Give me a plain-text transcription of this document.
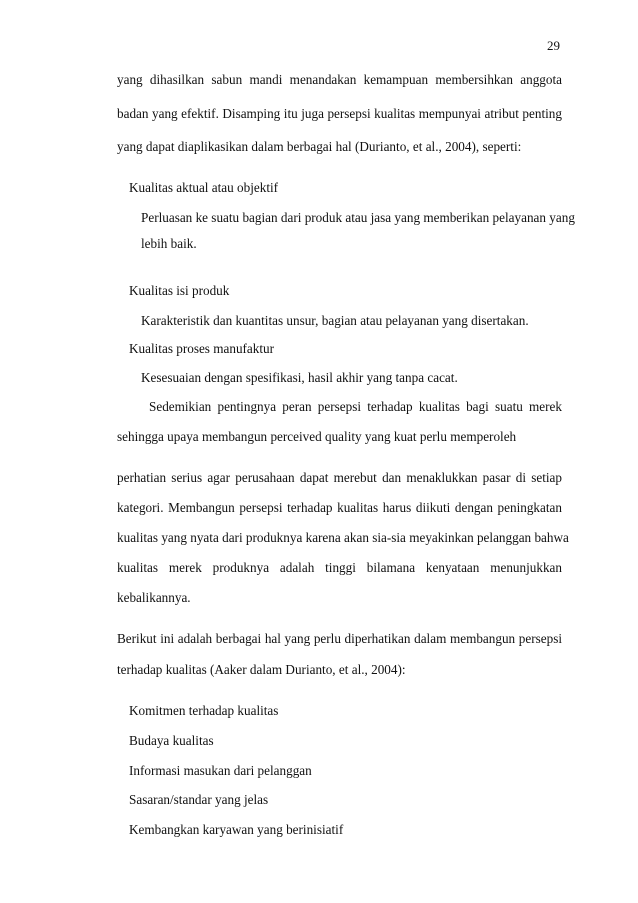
29
yang dihasilkan sabun mandi menandakan kemampuan membersihkan anggota
badan yang efektif. Disamping itu juga persepsi kualitas mempunyai atribut penting
yang dapat diaplikasikan dalam berbagai hal (Durianto, et al., 2004), seperti:
Kualitas aktual atau objektif
Perluasan ke suatu bagian dari produk atau jasa yang memberikan pelayanan yang
lebih baik.
Kualitas isi produk
Karakteristik dan kuantitas unsur, bagian atau pelayanan yang disertakan.
Kualitas proses manufaktur
Kesesuaian dengan spesifikasi, hasil akhir yang tanpa cacat.
Sedemikian pentingnya peran persepsi terhadap kualitas bagi suatu merek
sehingga upaya membangun perceived quality yang kuat perlu memperoleh
perhatian serius agar perusahaan dapat merebut dan menaklukkan pasar di setiap
kategori. Membangun persepsi terhadap kualitas harus diikuti dengan peningkatan
kualitas yang nyata dari produknya karena akan sia-sia meyakinkan pelanggan bahwa
kualitas merek produknya adalah tinggi bilamana kenyataan menunjukkan
kebalikannya.
Berikut ini adalah berbagai hal yang perlu diperhatikan dalam membangun persepsi
terhadap kualitas (Aaker dalam Durianto, et al., 2004):
Komitmen terhadap kualitas
Budaya kualitas
Informasi masukan dari pelanggan
Sasaran/standar yang jelas
Kembangkan karyawan yang berinisiatif
